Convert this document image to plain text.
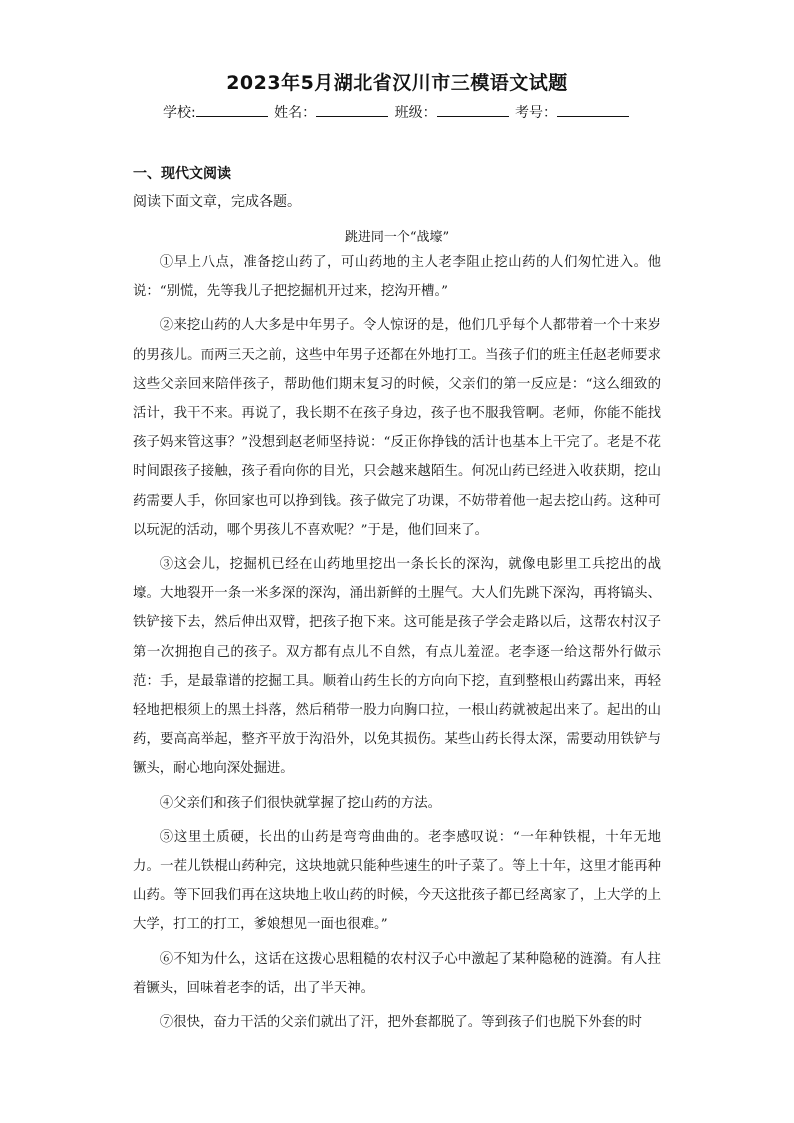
2023年5月湖北省汉川市三模语文试题
学校:	姓名：	班级：	考号：
一、现代文阅读
阅读下面文章，完成各题。
跳进同一个“战壕”

①早上八点，准备挖山药了，可山药地的主人老李阻止挖山药的人们匆忙进入。他说：“别慌，先等我儿子把挖掘机开过来，挖沟开槽。”

②来挖山药的人大多是中年男子。令人惊讶的是，他们几乎每个人都带着一个十来岁的男孩儿。而两三天之前，这些中年男子还都在外地打工。当孩子们的班主任赵老师要求这些父亲回来陪伴孩子，帮助他们期末复习的时候，父亲们的第一反应是：“这么细致的活计，我干不来。再说了，我长期不在孩子身边，孩子也不服我管啊。老师，你能不能找孩子妈来管这事？”没想到赵老师坚持说：“反正你挣钱的活计也基本上干完了。老是不花时间跟孩子接触，孩子看向你的目光，只会越来越陌生。何况山药已经进入收获期，挖山药需要人手，你回家也可以挣到钱。孩子做完了功课，不妨带着他一起去挖山药。这种可以玩泥的活动，哪个男孩儿不喜欢呢？”于是，他们回来了。

③这会儿，挖掘机已经在山药地里挖出一条长长的深沟，就像电影里工兵挖出的战壕。大地裂开一条一米多深的深沟，涌出新鲜的土腥气。大人们先跳下深沟，再将镐头、铁铲接下去，然后伸出双臂，把孩子抱下来。这可能是孩子学会走路以后，这帮农村汉子第一次拥抱自己的孩子。双方都有点儿不自然，有点儿羞涩。老李逐一给这帮外行做示范：手，是最靠谱的挖掘工具。顺着山药生长的方向向下挖，直到整根山药露出来，再轻轻地把根须上的黑土抖落，然后稍带一股力向胸口拉，一根山药就被起出来了。起出的山药，要高高举起，整齐平放于沟沿外，以免其损伤。某些山药长得太深，需要动用铁铲与镢头，耐心地向深处掘进。

④父亲们和孩子们很快就掌握了挖山药的方法。

⑤这里土质硬，长出的山药是弯弯曲曲的。老李感叹说：“一年种铁棍，十年无地力。一茬儿铁棍山药种完，这块地就只能种些速生的叶子菜了。等上十年，这里才能再种山药。等下回我们再在这块地上收山药的时候，今天这批孩子都已经离家了，上大学的上大学，打工的打工，爹娘想见一面也很难。”

⑥不知为什么，这话在这拨心思粗糙的农村汉子心中激起了某种隐秘的涟漪。有人拄着镢头，回味着老李的话，出了半天神。

⑦很快，奋力干活的父亲们就出了汗，把外套都脱了。等到孩子们也脱下外套的时
